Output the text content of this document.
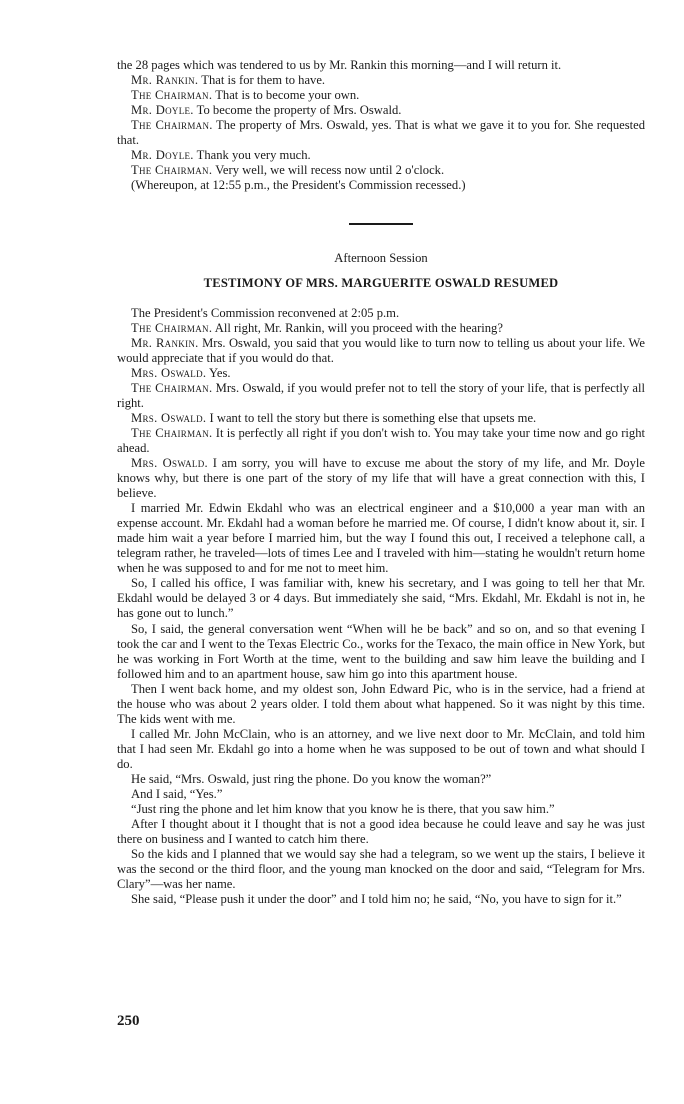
the 28 pages which was tendered to us by Mr. Rankin this morning—and I will return it.

Mr. Rankin. That is for them to have.

The Chairman. That is to become your own.

Mr. Doyle. To become the property of Mrs. Oswald.

The Chairman. The property of Mrs. Oswald, yes. That is what we gave it to you for. She requested that.

Mr. Doyle. Thank you very much.

The Chairman. Very well, we will recess now until 2 o'clock.

(Whereupon, at 12:55 p.m., the President's Commission recessed.)

Afternoon Session

TESTIMONY OF MRS. MARGUERITE OSWALD RESUMED

The President's Commission reconvened at 2:05 p.m.

The Chairman. All right, Mr. Rankin, will you proceed with the hearing?

Mr. Rankin. Mrs. Oswald, you said that you would like to turn now to telling us about your life. We would appreciate that if you would do that.

Mrs. Oswald. Yes.

The Chairman. Mrs. Oswald, if you would prefer not to tell the story of your life, that is perfectly all right.

Mrs. Oswald. I want to tell the story but there is something else that upsets me.

The Chairman. It is perfectly all right if you don't wish to. You may take your time now and go right ahead.

Mrs. Oswald. I am sorry, you will have to excuse me about the story of my life, and Mr. Doyle knows why, but there is one part of the story of my life that will have a great connection with this, I believe.

I married Mr. Edwin Ekdahl who was an electrical engineer and a $10,000 a year man with an expense account. Mr. Ekdahl had a woman before he married me. Of course, I didn't know about it, sir. I made him wait a year before I married him, but the way I found this out, I received a telephone call, a telegram rather, he traveled—lots of times Lee and I traveled with him—stating he wouldn't return home when he was supposed to and for me not to meet him.

So, I called his office, I was familiar with, knew his secretary, and I was going to tell her that Mr. Ekdahl would be delayed 3 or 4 days. But immediately she said, “Mrs. Ekdahl, Mr. Ekdahl is not in, he has gone out to lunch.”

So, I said, the general conversation went “When will he be back” and so on, and so that evening I took the car and I went to the Texas Electric Co., works for the Texaco, the main office in New York, but he was working in Fort Worth at the time, went to the building and saw him leave the building and I followed him and to an apartment house, saw him go into this apartment house.

Then I went back home, and my oldest son, John Edward Pic, who is in the service, had a friend at the house who was about 2 years older. I told them about what happened. So it was night by this time. The kids went with me.

I called Mr. John McClain, who is an attorney, and we live next door to Mr. McClain, and told him that I had seen Mr. Ekdahl go into a home when he was supposed to be out of town and what should I do.

He said, “Mrs. Oswald, just ring the phone. Do you know the woman?”

And I said, “Yes.”

“Just ring the phone and let him know that you know he is there, that you saw him.”

After I thought about it I thought that is not a good idea because he could leave and say he was just there on business and I wanted to catch him there.

So the kids and I planned that we would say she had a telegram, so we went up the stairs, I believe it was the second or the third floor, and the young man knocked on the door and said, “Telegram for Mrs. Clary”—was her name.

She said, “Please push it under the door” and I told him no; he said, “No, you have to sign for it.”

250
